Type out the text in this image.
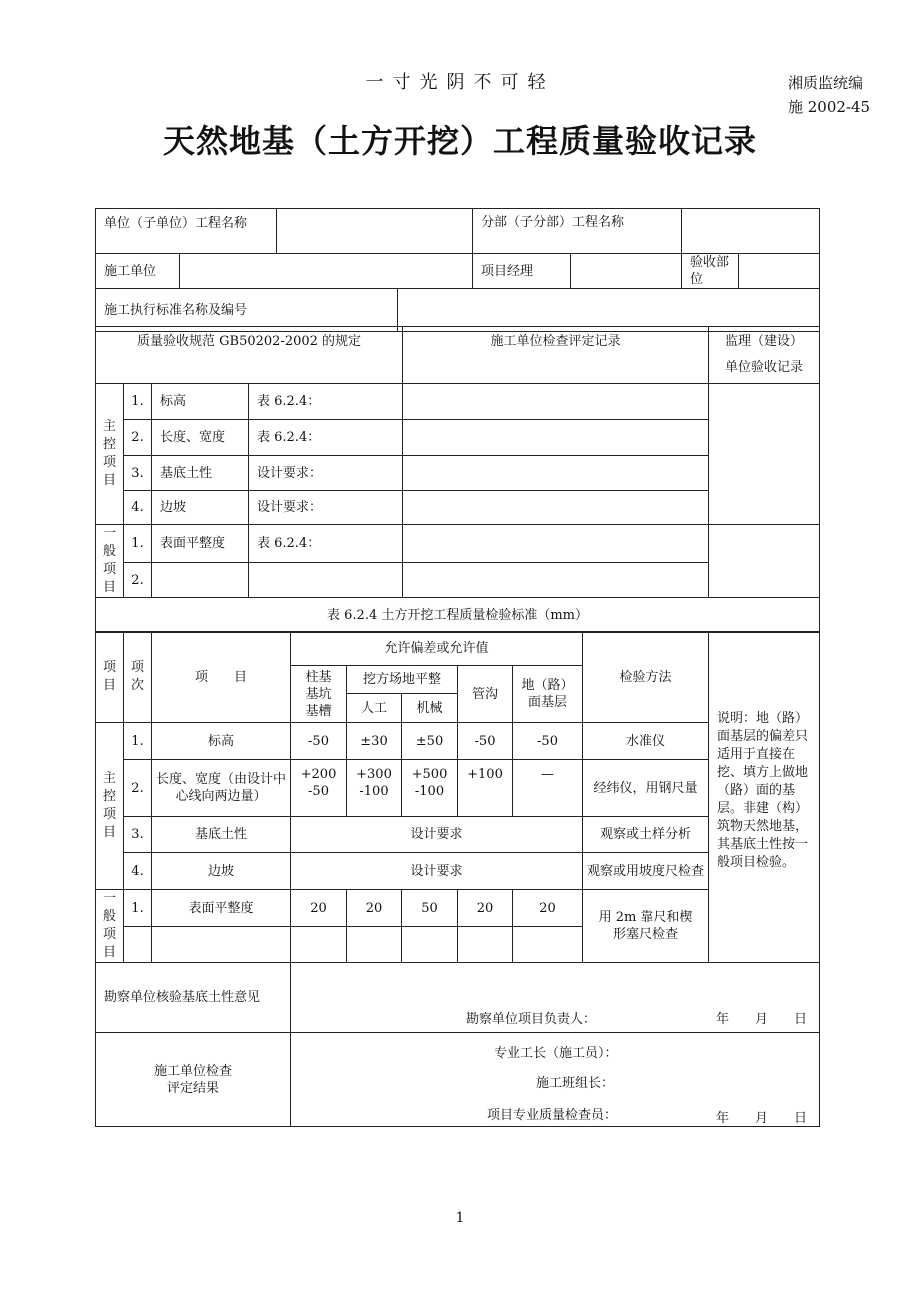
一寸光阴不可轻	湘质监统编
施 2002-45
天然地基（土方开挖）工程质量验收记录
单位（子单位）工程名称				分部（子分部）工程名称			
施工单位				项目经理		验收部位	
施工执行标准名称及编号							
质量验收规范 GB50202-2002 的规定				施工单位检查评定记录	监理（建设）
单位验收记录

主控项目	1.	标高	表 6.2.4：		
	2.	长度、宽度	表 6.2.4：		
	3.	基底土性	设计要求：		
	4.	边坡	设计要求：		

一般项目	1.	表面平整度	表 6.2.4：		
	2.				
表 6.2.4 土方开挖工程质量检验标准（mm）					
项目	项次	项　　目	允许偏差或允许值					检验方法	说明：地（路）面基层的偏差只适用于直接在挖、填方上做地（路）面的基层。非建（构）筑物天然地基，其基底土性按一般项目检验。

			柱基基坑基槽	挖方场地平整		管沟	地（路）面基层		

				人工	机械				

主控项目	1.	标高	-50	±30	±50	-50	-50	水准仪	
	2.	长度、宽度（由设计中心线向两边量）	+200 -50	+300 -100	+500 -100	+100	—	经纬仪，用钢尺量	
	3.	基底土性	设计要求					观察或土样分析	
	4.	边坡	设计要求					观察或用坡度尺检查	

一般项目	1.	表面平整度	20	20	50	20	20	用 2m 靠尺和楔形塞尺检查	

勘察单位核验基底土性意见			勘察单位项目负责人： 年　　月　　日						

施工单位检查
评定结果			专业工长（施工员）：
施工班组长：
项目专业质量检查员： 年　　月　　日						
1
